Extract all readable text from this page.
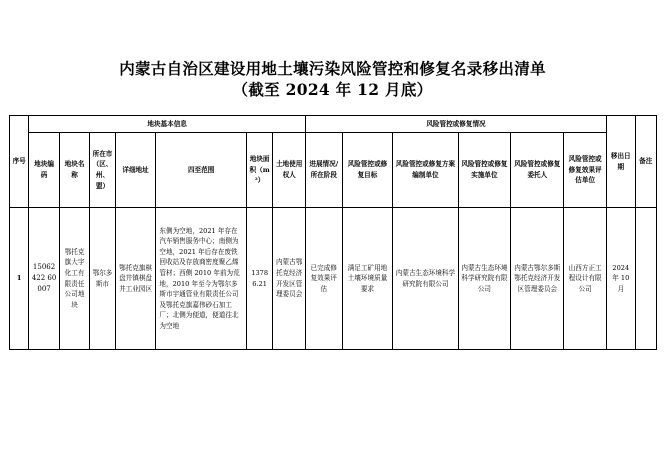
内蒙古自治区建设用地土壤污染风险管控和修复名录移出清单
（截至 2024 年 12 月底）
序号	地块基本信息							风险管控或修复情况						移出日期	备注
	地块编码	地块名称	所在市（区、州、盟）	详细地址	四至范围	地块面积（m²）	土地使用权人	进展情况/所在阶段	风险管控或修复目标	风险管控或修复方案编制单位	风险管控或修复实施单位	风险管控或修复委托人	风险管控或修复效果评估单位		
1	15062422 60007	鄂托克旗大宇化工有限责任公司地块	鄂尔多斯市	鄂托克旗棋盘井镇棋盘井工业园区	东侧为空地，2021 年存在汽车销售服务中心；南侧为空地，2021 年后存在废铁回收站及存放商密度聚乙烯管材；西侧 2010 年前为荒地，2010 年至今为鄂尔多斯市宇通管业有限责任公司及鄂托克旗嘉伟砂石加工厂；北侧为便道，便道往北为空地	13786.21	内蒙古鄂托克经济开发区管理委员会	已完成修复效果评估	满足工矿用地土壤环境质量要求	内蒙古生态环境科学研究院有限公司	内蒙古生态环境科学研究院有限公司	内蒙古鄂尔多斯鄂托克经济开发区管理委员会	山西方正工程设计有限公司	2024 年 10 月	
